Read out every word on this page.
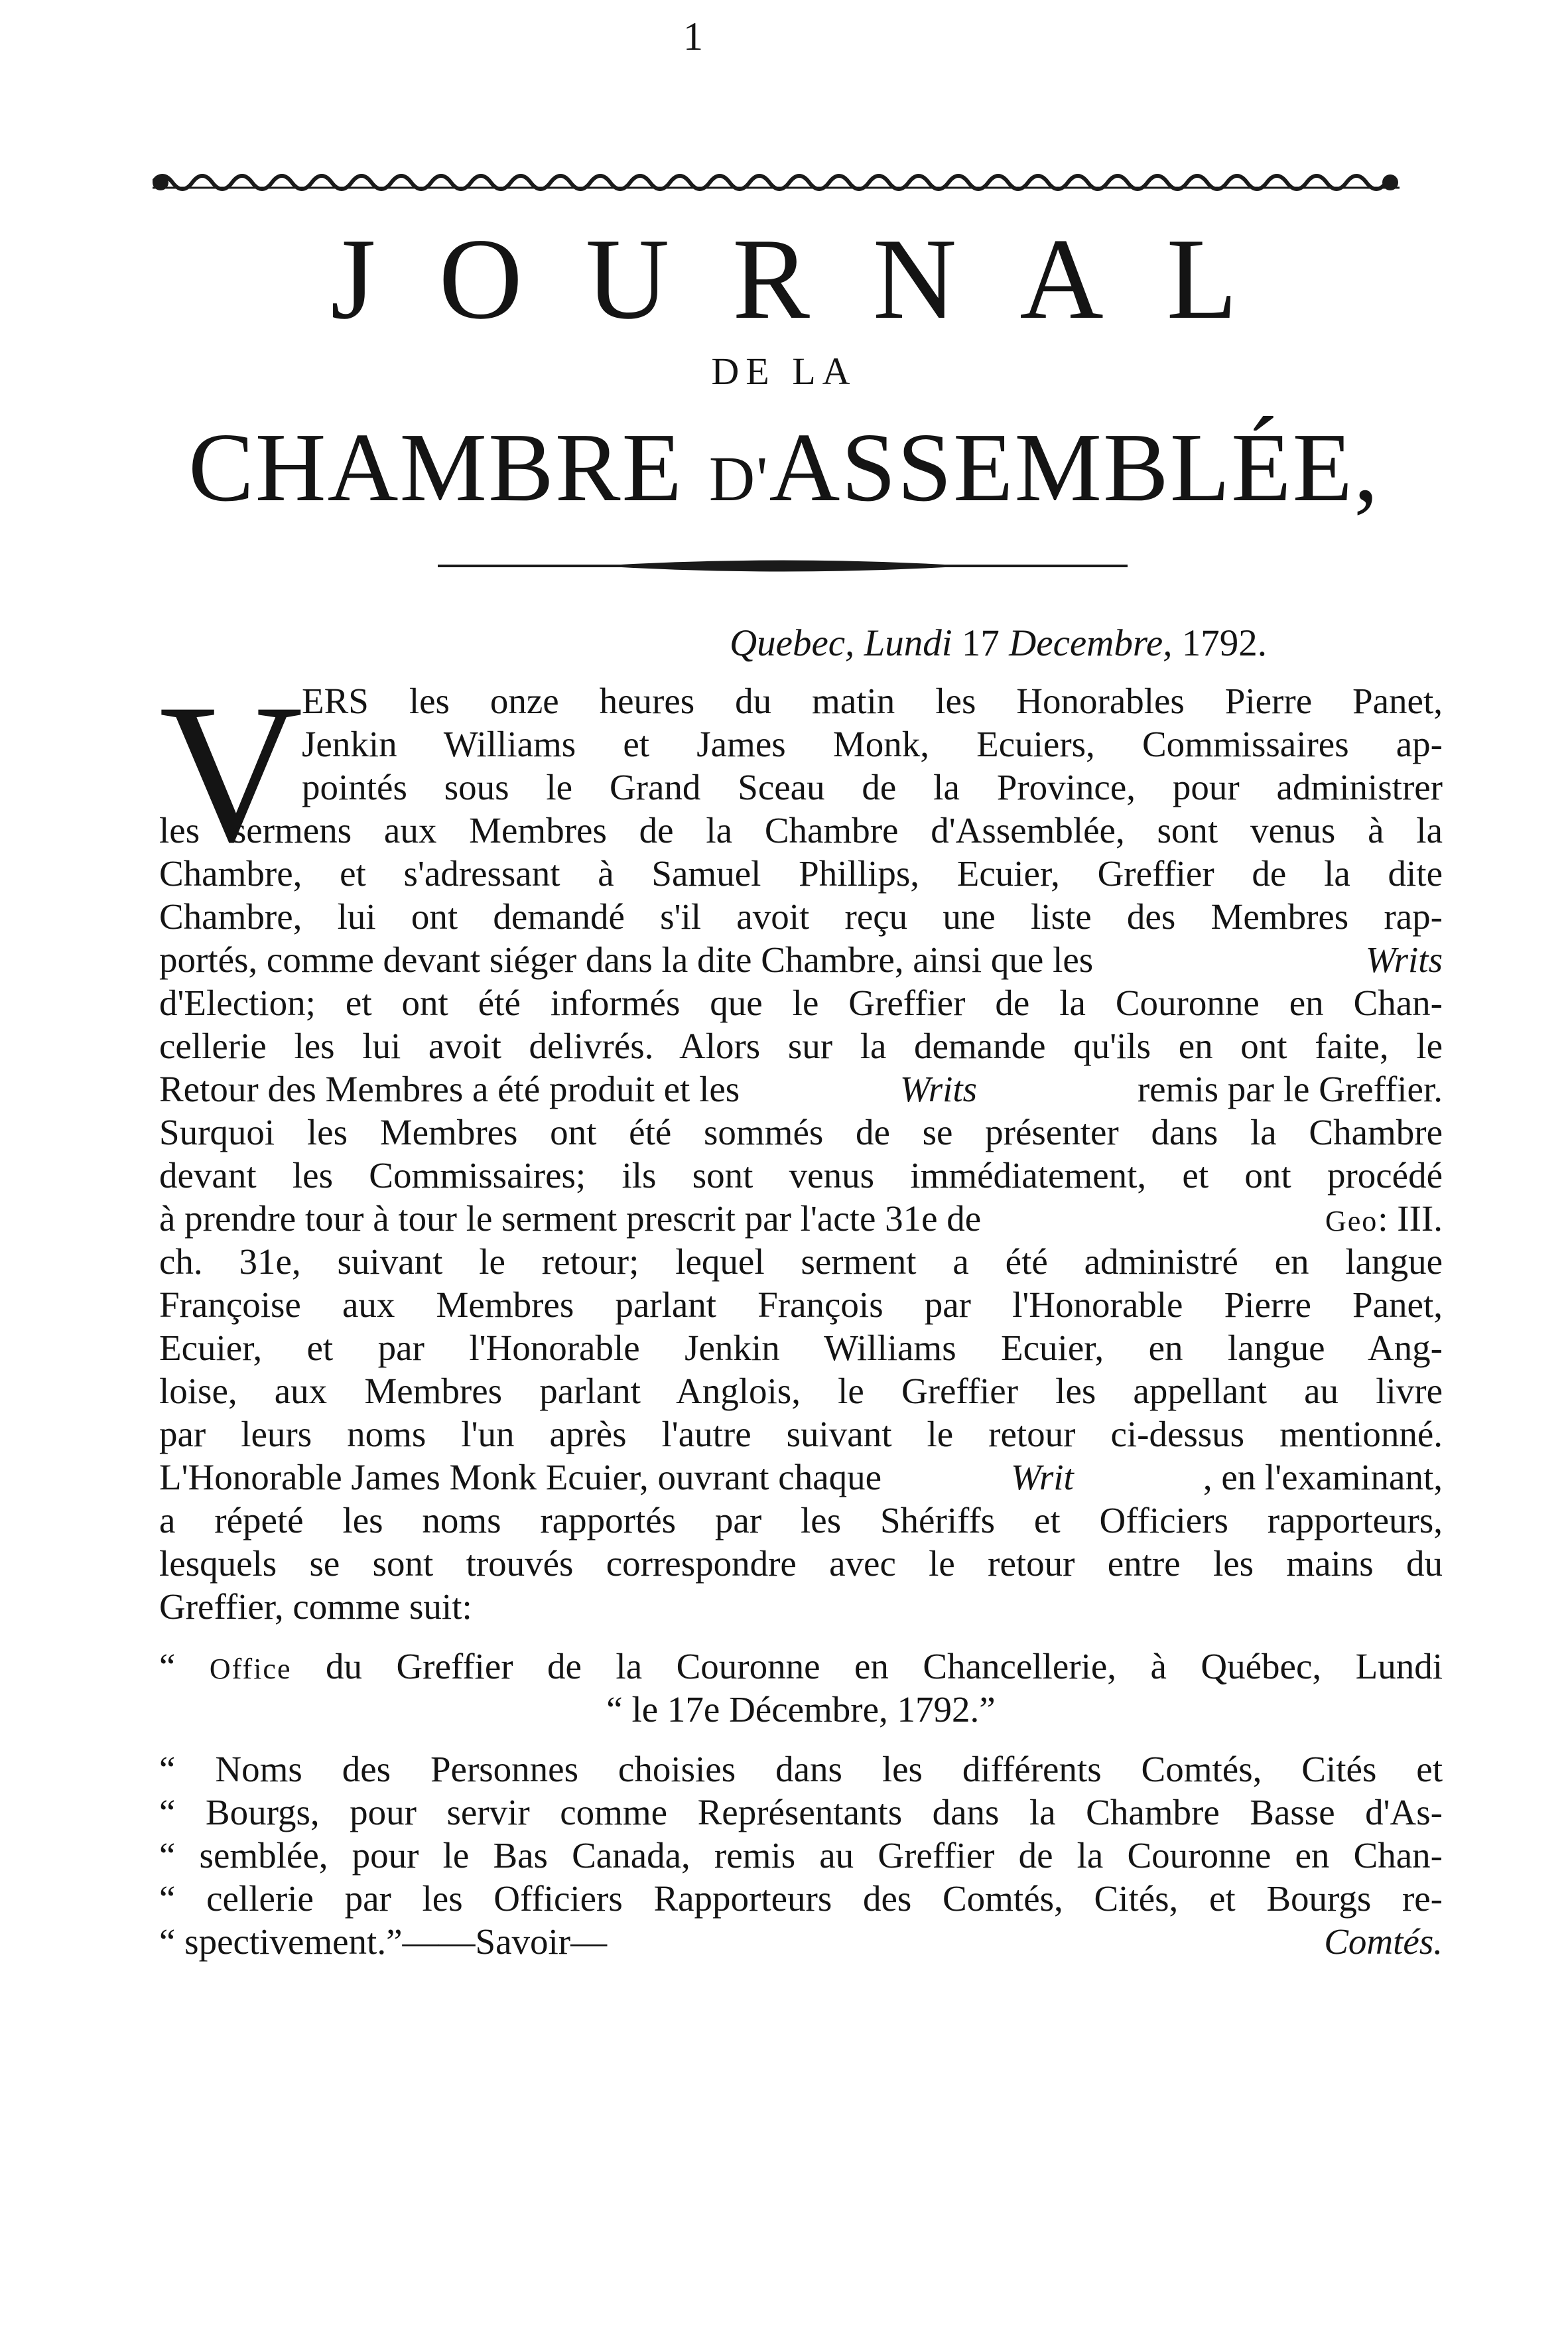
1
JOURNAL
DE LA
CHAMBRE D'ASSEMBLÉE,
Quebec, Lundi 17 Decembre, 1792.
V

ERS les onze heures du matin les Honorables Pierre Panet,

Jenkin Williams et James Monk, Ecuiers, Commissaires ap-

pointés sous le Grand Sceau de la Province, pour administrer

les sermens aux Membres de la Chambre d'Assemblée, sont venus à la

Chambre, et s'adressant à Samuel Phillips, Ecuier, Greffier de la dite

Chambre, lui ont demandé s'il avoit reçu une liste des Membres rap-

portés, comme devant siéger dans la dite Chambre, ainsi que les	Writs

d'Election; et ont été informés que le Greffier de la Couronne en Chan-

cellerie les lui avoit delivrés. Alors sur la demande qu'ils en ont faite, le

Retour des Membres a été produit et les	Writs	remis par le Greffier.

Surquoi les Membres ont été sommés de se présenter dans la Chambre

devant les Commissaires; ils sont venus immédiatement, et ont procédé

à prendre tour à tour le serment prescrit par l'acte 31e de	Geo: III.

ch. 31e, suivant le retour; lequel serment a été administré en langue

Françoise aux Membres parlant François par l'Honorable Pierre Panet,

Ecuier, et par l'Honorable Jenkin Williams Ecuier, en langue Ang-

loise, aux Membres parlant Anglois, le Greffier les appellant au livre

par leurs noms l'un après l'autre suivant le retour ci-dessus mentionné.

L'Honorable James Monk Ecuier, ouvrant chaque	Writ	, en l'examinant,

a répeté les noms rapportés par les Shériffs et Officiers rapporteurs,

lesquels se sont trouvés correspondre avec le retour entre les mains du

Greffier, comme suit:

“ Office du Greffier de la Couronne en Chancellerie, à Québec, Lundi

“ le 17e Décembre, 1792.”

“ Noms des Personnes choisies dans les différents Comtés, Cités et

“ Bourgs, pour servir comme Représentants dans la Chambre Basse d'As-

“ semblée, pour le Bas Canada, remis au Greffier de la Couronne en Chan-

“ cellerie par les Officiers Rapporteurs des Comtés, Cités, et Bourgs re-

“ spectivement.”——Savoir—	Comtés.
